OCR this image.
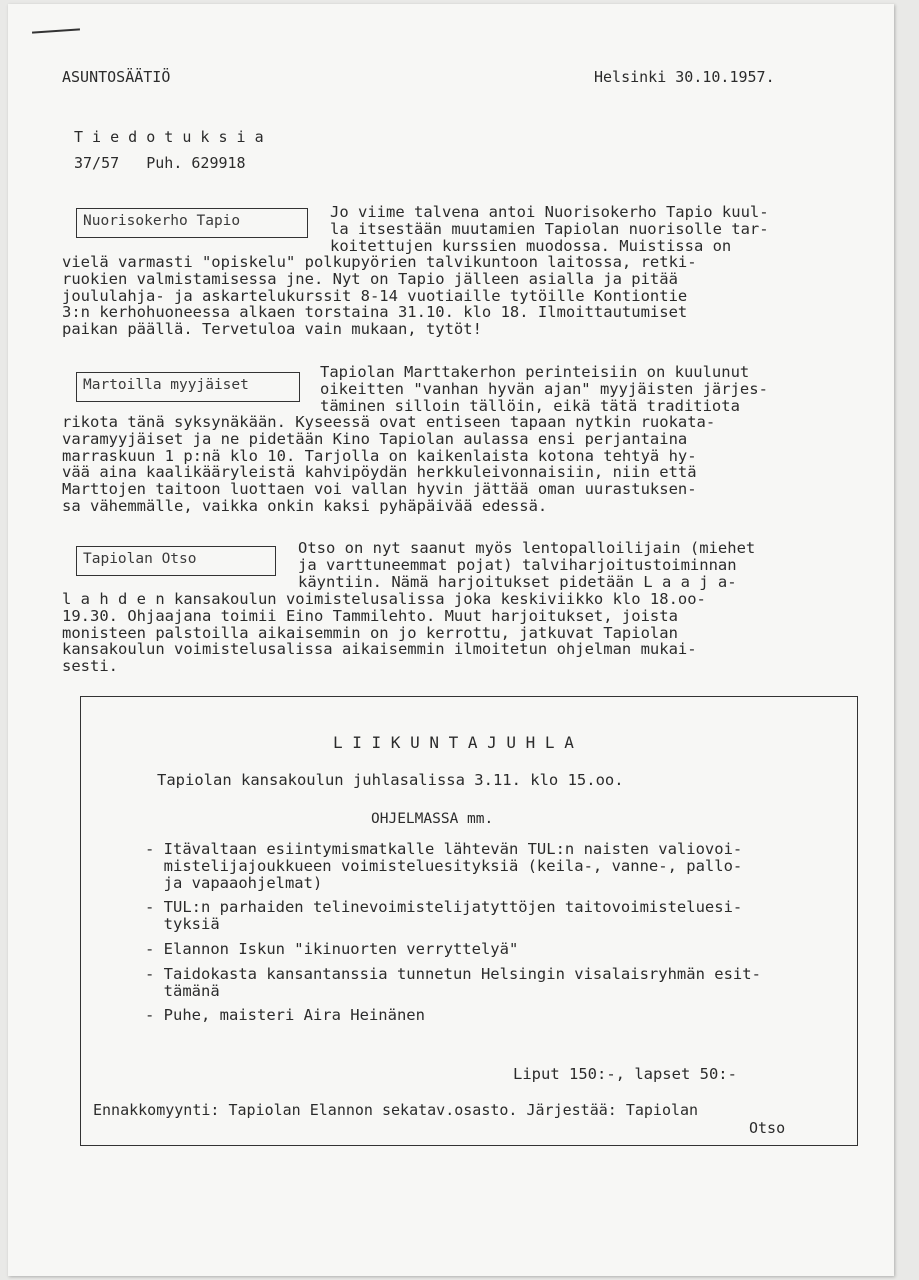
ASUNTOSÄÄTIÖ	Helsinki 30.10.1957.
T i e d o t u k s i a
37/57   Puh. 629918
Nuorisokerho Tapio	Jo viime talvena antoi Nuorisokerho Tapio kuul-
la itsestään muutamien Tapiolan nuorisolle tar-
koitettujen kurssien muodossa. Muistissa on
vielä varmasti "opiskelu" polkupyörien talvikuntoon laitossa, retki-
ruokien valmistamisessa jne. Nyt on Tapio jälleen asialla ja pitää
joululahja- ja askartelukurssit 8-14 vuotiaille tytöille Kontiontie
3:n kerhohuoneessa alkaen torstaina 31.10. klo 18. Ilmoittautumiset
paikan päällä. Tervetuloa vain mukaan, tytöt!
Martoilla myyjäiset
Tapiolan Marttakerhon perinteisiin on kuulunut
oikeitten "vanhan hyvän ajan" myyjäisten järjes-
täminen silloin tällöin, eikä tätä traditiota
rikota tänä syksynäkään. Kyseessä ovat entiseen tapaan nytkin ruokata-
varamyyjäiset ja ne pidetään Kino Tapiolan aulassa ensi perjantaina
marraskuun 1 p:nä klo 10. Tarjolla on kaikenlaista kotona tehtyä hy-
vää aina kaalikääryleistä kahvipöydän herkkuleivonnaisiin, niin että
Marttojen taitoon luottaen voi vallan hyvin jättää oman uurastuksen-
sa vähemmälle, vaikka onkin kaksi pyhäpäivää edessä.
Tapiolan Otso
Otso on nyt saanut myös lentopalloilijain (miehet
ja varttuneemmat pojat) talviharjoitustoiminnan
käyntiin. Nämä harjoitukset pidetään L a a j a-
l a h d e n kansakoulun voimistelusalissa joka keskiviikko klo 18.oo-
19.30. Ohjaajana toimii Eino Tammilehto. Muut harjoitukset, joista
monisteen palstoilla aikaisemmin on jo kerrottu, jatkuvat Tapiolan
kansakoulun voimistelusalissa aikaisemmin ilmoitetun ohjelman mukai-
sesti.
L I I K U N T A J U H L A
Tapiolan kansakoulun juhlasalissa 3.11. klo 15.oo.
OHJELMASSA mm.
- Itävaltaan esiintymismatkalle lähtevän TUL:n naisten valiovoi-
mistelijajoukkueen voimisteluesityksiä (keila-, vanne-, pallo-
ja vapaaohjelmat)
- TUL:n parhaiden telinevoimistelijatyttöjen taitovoimisteluesi-
tyksiä
- Elannon Iskun "ikinuorten verryttelyä"
- Taidokasta kansantanssia tunnetun Helsingin visalaisryhmän esit-
tämänä
- Puhe, maisteri Aira Heinänen
Liput 150:-, lapset 50:-
Ennakkomyynti: Tapiolan Elannon sekatav.osasto. Järjestää: Tapiolan
Otso
